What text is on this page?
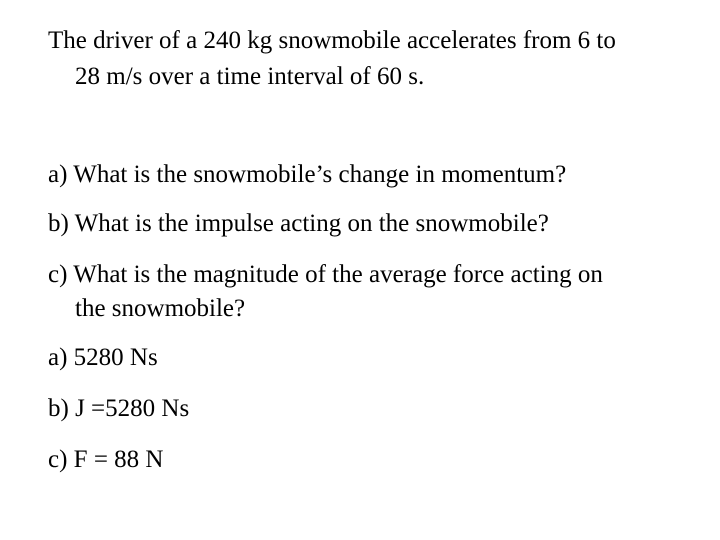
The driver of a 240 kg snowmobile accelerates from 6 to
28 m/s over a time interval of 60 s.
a) What is the snowmobile’s change in momentum?
b) What is the impulse acting on the snowmobile?
c) What is the magnitude of the average force acting on
the snowmobile?
a) 5280 Ns
b) J =5280 Ns
c) F = 88 N
